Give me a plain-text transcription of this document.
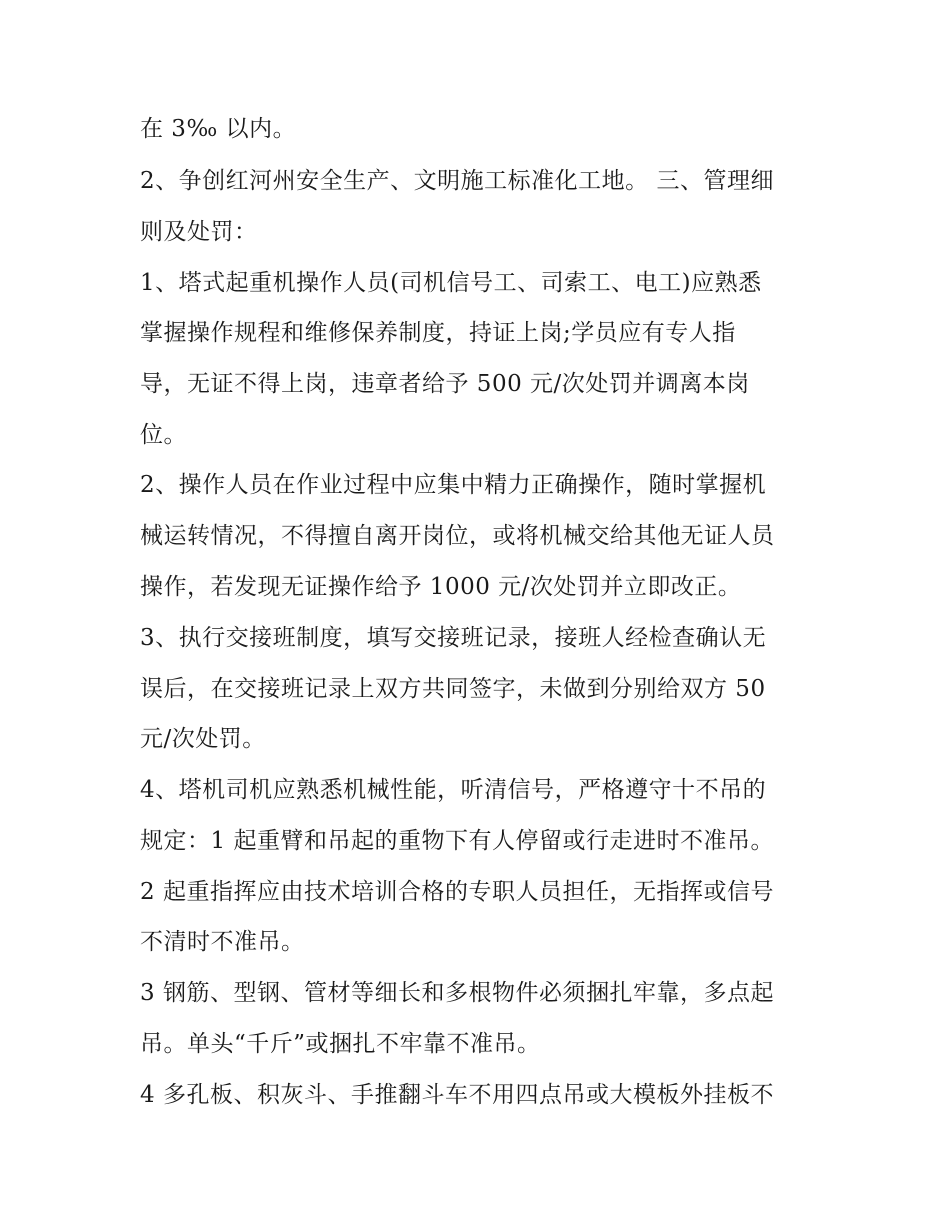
在 3‰ 以内。

2、争创红河州安全生产、文明施工标准化工地。 三、管理细

则及处罚：

1、塔式起重机操作人员(司机信号工、司索工、电工)应熟悉

掌握操作规程和维修保养制度，持证上岗;学员应有专人指

导，无证不得上岗，违章者给予 500 元/次处罚并调离本岗

位。

2、操作人员在作业过程中应集中精力正确操作，随时掌握机

械运转情况，不得擅自离开岗位，或将机械交给其他无证人员

操作，若发现无证操作给予 1000 元/次处罚并立即改正。

3、执行交接班制度，填写交接班记录，接班人经检查确认无

误后，在交接班记录上双方共同签字，未做到分别给双方 50

元/次处罚。

4、塔机司机应熟悉机械性能，听清信号，严格遵守十不吊的

规定：1 起重臂和吊起的重物下有人停留或行走进时不准吊。

2 起重指挥应由技术培训合格的专职人员担任，无指挥或信号

不清时不准吊。

3 钢筋、型钢、管材等细长和多根物件必须捆扎牢靠，多点起

吊。单头“千斤”或捆扎不牢靠不准吊。

4 多孔板、积灰斗、手推翻斗车不用四点吊或大模板外挂板不
